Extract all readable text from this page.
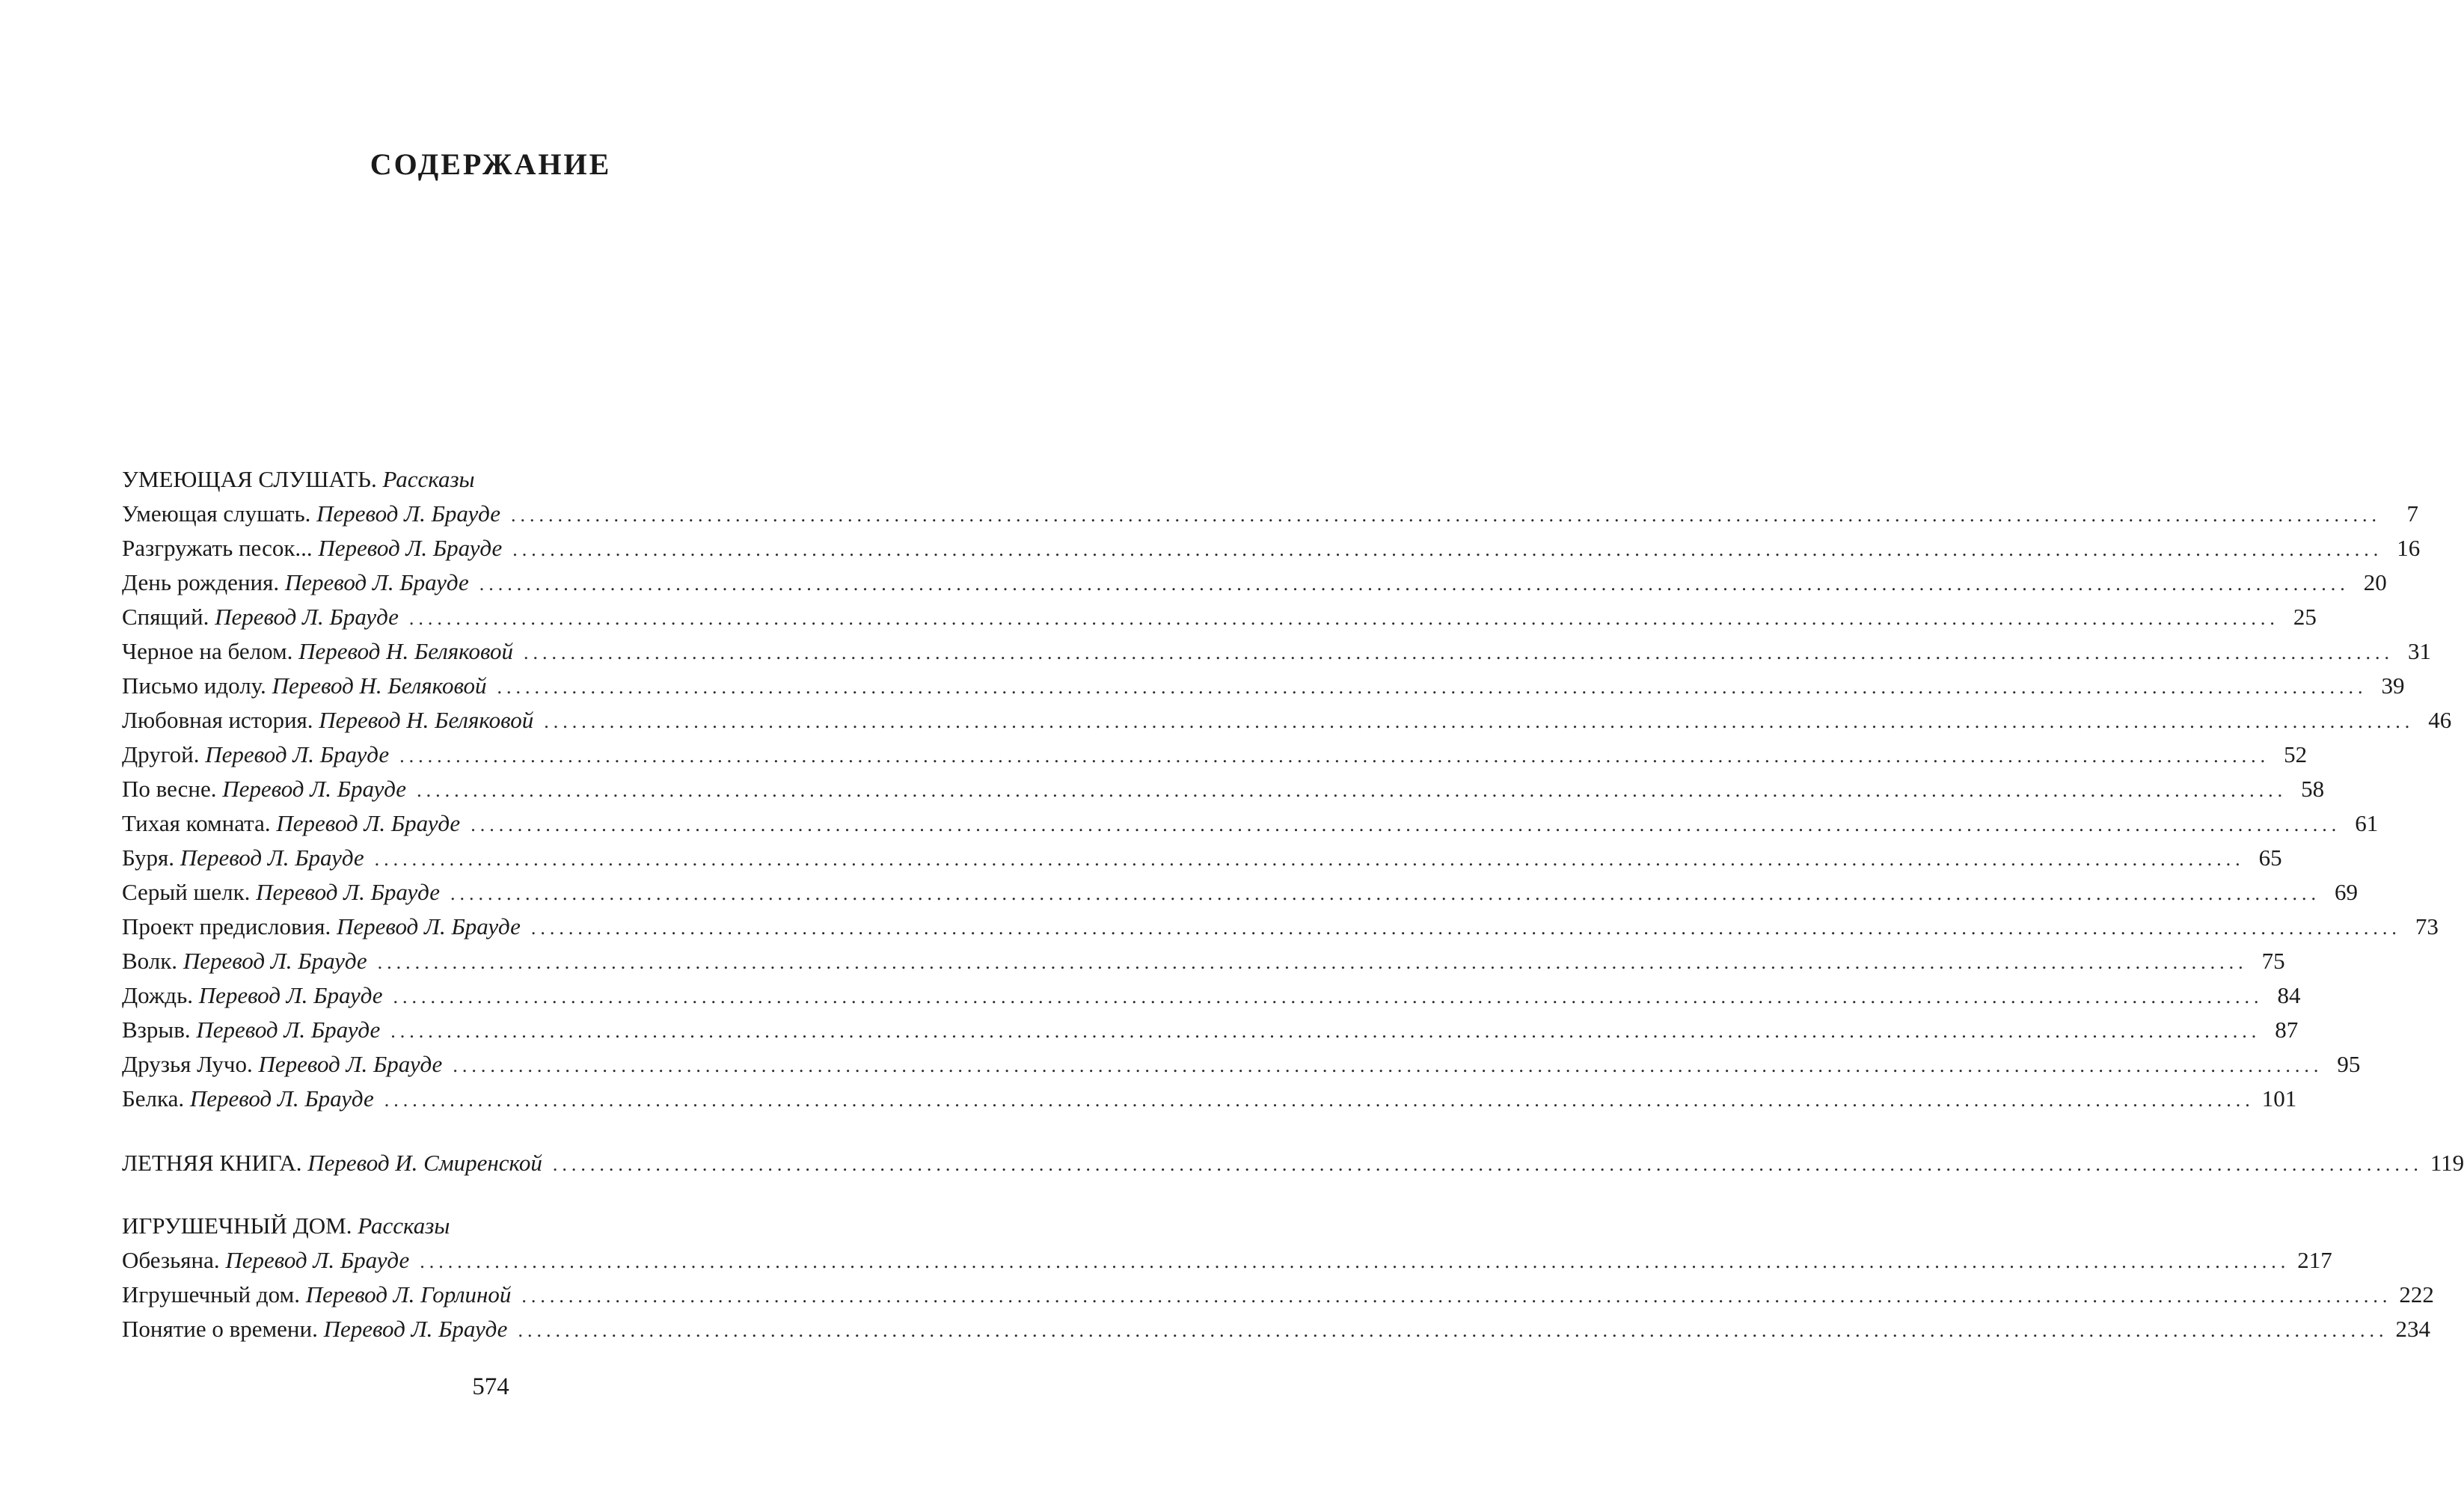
СОДЕРЖАНИЕ
УМЕЮЩАЯ СЛУШАТЬ. Рассказы
Умеющая слушать.
Перевод Л. Брауде ........................................................................................................................................................................................................	7
Разгружать песок...
Перевод Л. Брауде ........................................................................................................................................................................................................ 16
День рождения.
Перевод Л. Брауде ........................................................................................................................................................................................................ 20
Спящий.
Перевод Л. Брауде ........................................................................................................................................................................................................ 25
Черное на белом.
Перевод Н. Беляковой ........................................................................................................................................................................................................ 31
Письмо идолу.
Перевод Н. Беляковой ........................................................................................................................................................................................................ 39
Любовная история.
Перевод Н. Беляковой ........................................................................................................................................................................................................ 46
Другой.
Перевод Л. Брауде ........................................................................................................................................................................................................ 52
По весне.
Перевод Л. Брауде ........................................................................................................................................................................................................ 58
Тихая комната.
Перевод Л. Брауде ........................................................................................................................................................................................................ 61
Буря.
Перевод Л. Брауде ........................................................................................................................................................................................................ 65
Серый шелк.
Перевод Л. Брауде ........................................................................................................................................................................................................ 69
Проект предисловия.
Перевод Л. Брауде ........................................................................................................................................................................................................ 73
Волк.
Перевод Л. Брауде ........................................................................................................................................................................................................ 75
Дождь.
Перевод Л. Брауде ........................................................................................................................................................................................................ 84
Взрыв.
Перевод Л. Брауде ........................................................................................................................................................................................................ 87
Друзья Лучо.
Перевод Л. Брауде ........................................................................................................................................................................................................ 95
Белка.
Перевод Л. Брауде ........................................................................................................................................................................................................ 101
ЛЕТНЯЯ КНИГА.
Перевод И. Смиренской ........................................................................................................................................................................................................ 119
ИГРУШЕЧНЫЙ ДОМ. Рассказы
Обезьяна.
Перевод Л. Брауде ........................................................................................................................................................................................................ 217
Игрушечный дом.
Перевод Л. Горлиной ........................................................................................................................................................................................................ 222
Понятие о времени.
Перевод Л. Брауде ........................................................................................................................................................................................................ 234
574
